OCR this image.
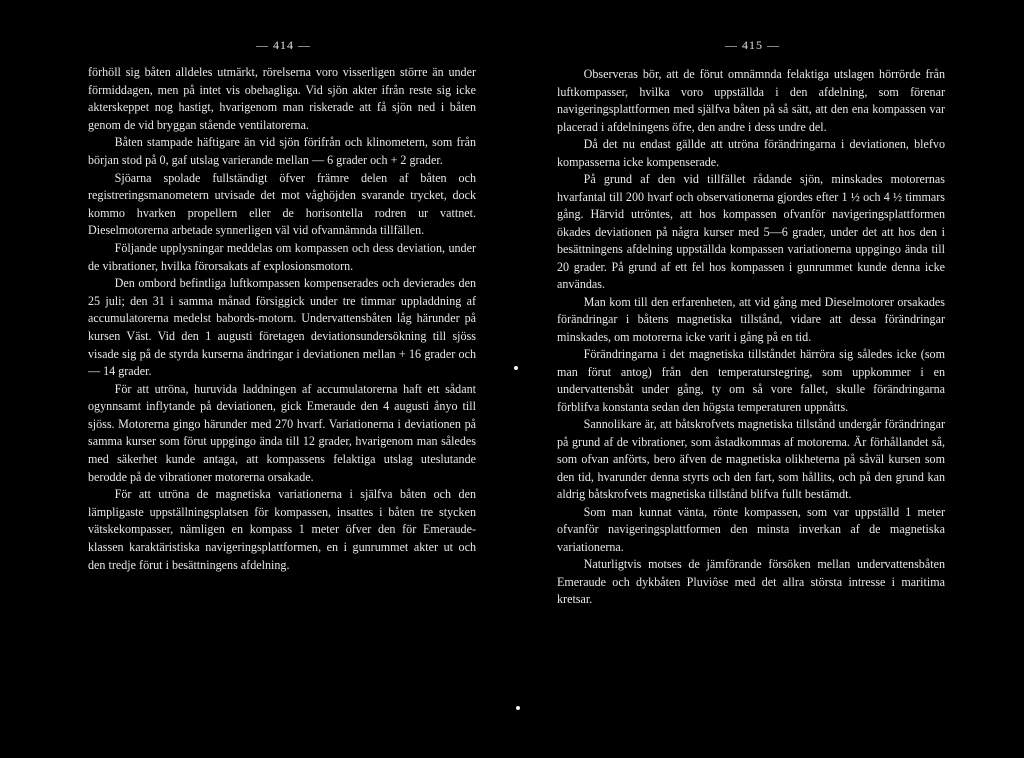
— 414 —

förhöll sig båten alldeles utmärkt, rörelserna voro visserligen större än under förmiddagen, men på intet vis obehagliga. Vid sjön akter ifrån reste sig icke akterskeppet nog hastigt, hvarigenom man riskerade att få sjön ned i båten genom de vid bryggan stående ventilatorerna.

Båten stampade häftigare än vid sjön förifrån och klinometern, som från början stod på 0, gaf utslag varierande mellan — 6 grader och + 2 grader.

Sjöarna spolade fullständigt öfver främre delen af båten och registreringsmanometern utvisade det mot våghöjden svarande trycket, dock kommo hvarken propellern eller de horisontella rodren ur vattnet. Dieselmotorerna arbetade synnerligen väl vid ofvannämnda tillfällen.

Följande upplysningar meddelas om kompassen och dess deviation, under de vibrationer, hvilka förorsakats af explosionsmotorn.

Den ombord befintliga luftkompassen kompenserades och devierades den 25 juli; den 31 i samma månad försiggick under tre timmar uppladdning af accumulatorerna medelst babords-motorn. Undervattensbåten låg härunder på kursen Väst. Vid den 1 augusti företagen deviationsundersökning till sjöss visade sig på de styrda kurserna ändringar i deviationen mellan + 16 grader och — 14 grader.

För att utröna, huruvida laddningen af accumulatorerna haft ett sådant ogynnsamt inflytande på deviationen, gick Emeraude den 4 augusti ånyo till sjöss. Motorerna gingo härunder med 270 hvarf. Variationerna i deviationen på samma kurser som förut uppgingo ända till 12 grader, hvarigenom man således med säkerhet kunde antaga, att kompassens felaktiga utslag uteslutande berodde på de vibrationer motorerna orsakade.

För att utröna de magnetiska variationerna i själfva båten och den lämpligaste uppställningsplatsen för kompassen, insattes i båten tre stycken vätskekompasser, nämligen en kompass 1 meter öfver den för Emeraude-klassen karaktäristiska navigeringsplattformen, en i gunrummet akter ut och den tredje förut i besättningens afdelning.

— 415 —

Observeras bör, att de förut omnämnda felaktiga utslagen hörrörde från luftkompasser, hvilka voro uppställda i den afdelning, som förenar navigeringsplattformen med själfva båten på så sätt, att den ena kompassen var placerad i afdelningens öfre, den andre i dess undre del.

Då det nu endast gällde att utröna förändringarna i deviationen, blefvo kompasserna icke kompenserade.

På grund af den vid tillfället rådande sjön, minskades motorernas hvarfantal till 200 hvarf och observationerna gjordes efter 1 ½ och 4 ½ timmars gång. Härvid utröntes, att hos kompassen ofvanför navigeringsplattformen ökades deviationen på några kurser med 5—6 grader, under det att hos den i besättningens afdelning uppställda kompassen variationerna uppgingo ända till 20 grader. På grund af ett fel hos kompassen i gunrummet kunde denna icke användas.

Man kom till den erfarenheten, att vid gång med Dieselmotorer orsakades förändringar i båtens magnetiska tillstånd, vidare att dessa förändringar minskades, om motorerna icke varit i gång på en tid.

Förändringarna i det magnetiska tillståndet härröra sig således icke (som man förut antog) från den temperaturstegring, som uppkommer i en undervattensbåt under gång, ty om så vore fallet, skulle förändringarna förblifva konstanta sedan den högsta temperaturen uppnåtts.

Sannolikare är, att båtskrofvets magnetiska tillstånd undergår förändringar på grund af de vibrationer, som åstadkommas af motorerna. Är förhållandet så, som ofvan anförts, bero äfven de magnetiska olikheterna på såväl kursen som den tid, hvarunder denna styrts och den fart, som hållits, och på den grund kan aldrig båtskrofvets magnetiska tillstånd blifva fullt bestämdt.

Som man kunnat vänta, rönte kompassen, som var uppställd 1 meter ofvanför navigeringsplattformen den minsta inverkan af de magnetiska variationerna.

Naturligtvis motses de jämförande försöken mellan undervattensbåten Emeraude och dykbåten Pluviôse med det allra största intresse i maritima kretsar.
